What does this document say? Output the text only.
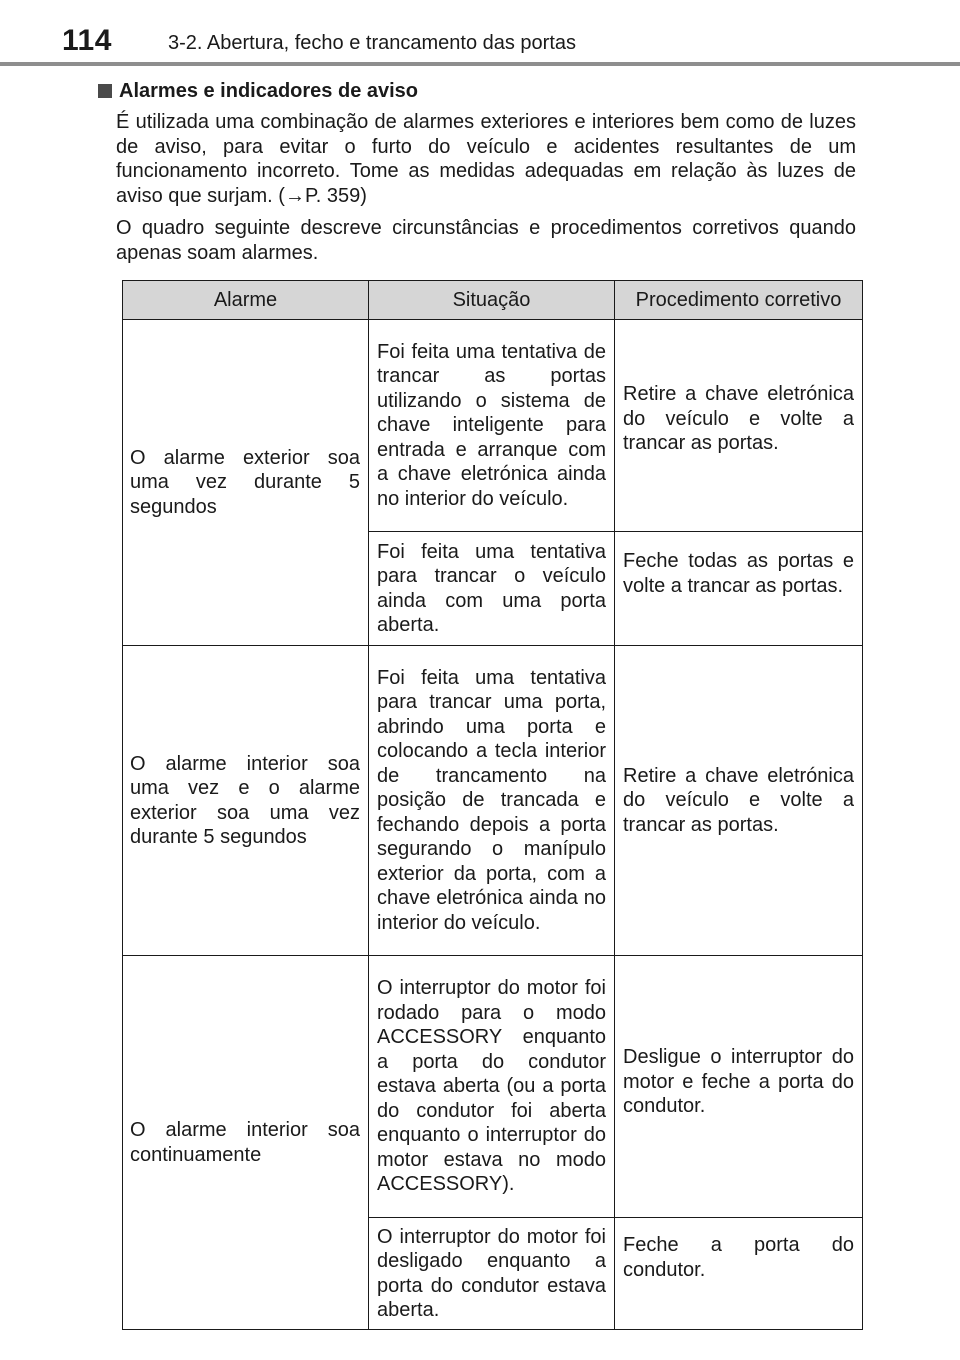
114	3-2. Abertura, fecho e trancamento das portas
Alarmes e indicadores de aviso

É utilizada uma combinação de alarmes exteriores e interiores bem como de luzes de aviso, para evitar o furto do veículo e acidentes resultantes de um funcionamento incorreto. Tome as medidas adequadas em relação às luzes de aviso que surjam. (→P. 359)

O quadro seguinte descreve circunstâncias e procedimentos corretivos quando apenas soam alarmes.

Alarme	Situação	Procedimento corretivo
O alarme exterior soa uma vez durante 5 segundos	Foi feita uma tentativa de trancar as portas utilizando o sistema de chave inteligente para entrada e arranque com a chave eletrónica ainda no interior do veículo.	Retire a chave eletrónica do veículo e volte a trancar as portas.
	Foi feita uma tentativa para trancar o veículo ainda com uma porta aberta.	Feche todas as portas e volte a trancar as portas.
O alarme interior soa uma vez e o alarme exterior soa uma vez durante 5 segundos	Foi feita uma tentativa para trancar uma porta, abrindo uma porta e colocando a tecla interior de trancamento na posição de trancada e fechando depois a porta segurando o manípulo exterior da porta, com a chave eletrónica ainda no interior do veículo.	Retire a chave eletrónica do veículo e volte a trancar as portas.
O alarme interior soa continuamente	O interruptor do motor foi rodado para o modo ACCESSORY enquanto a porta do condutor estava aberta (ou a porta do condutor foi aberta enquanto o interruptor do motor estava no modo ACCESSORY).	Desligue o interruptor do motor e feche a porta do condutor.
	O interruptor do motor foi desligado enquanto a porta do condutor estava aberta.	Feche a porta do condutor.
